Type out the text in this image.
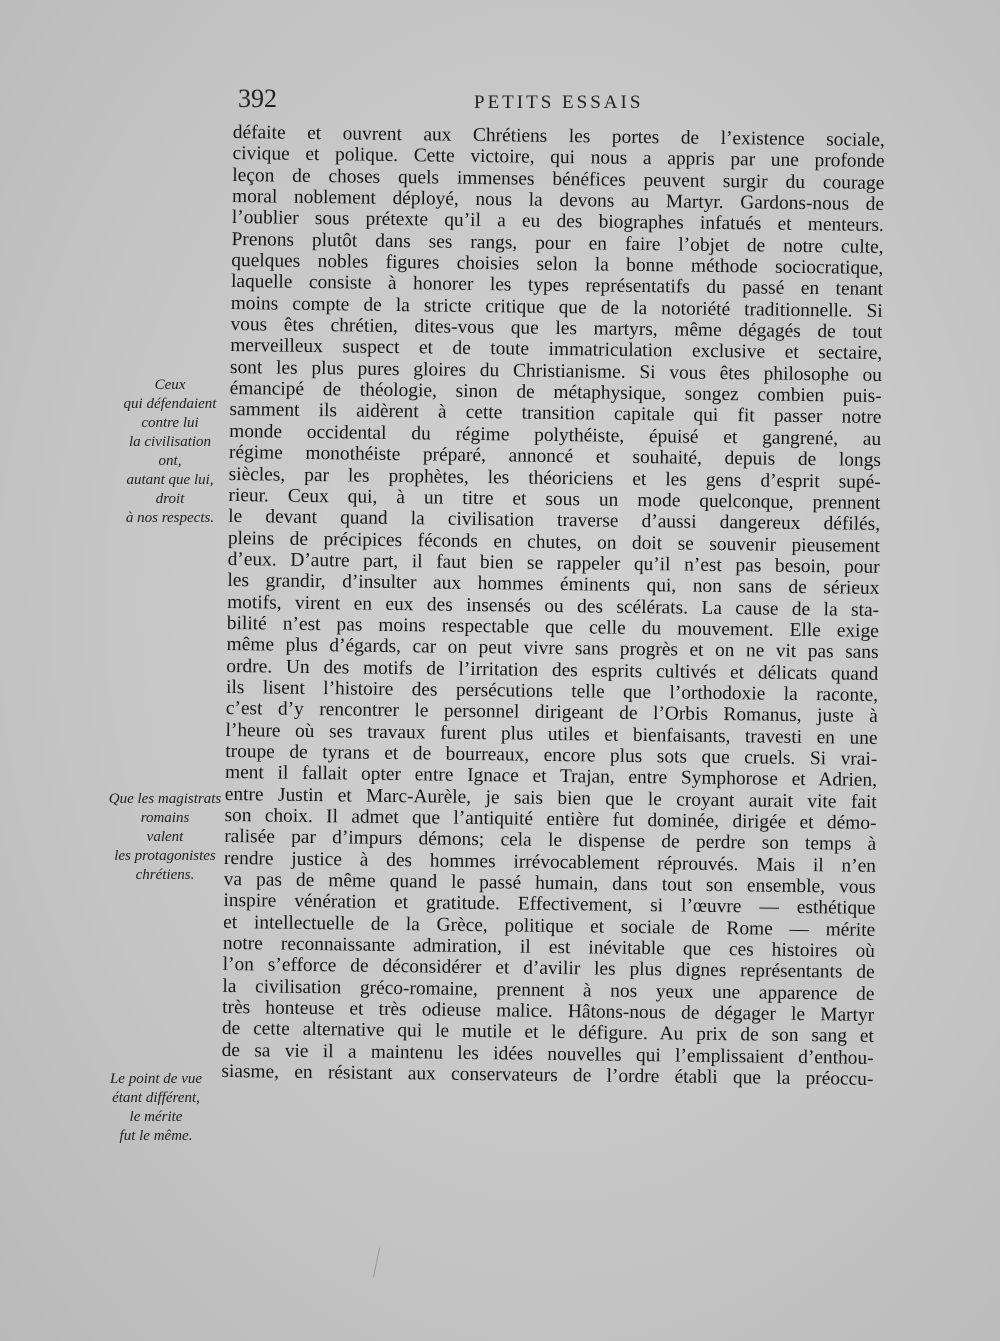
392	PETITS ESSAIS
défaite et ouvrent aux Chrétiens les portes de l’existence sociale,
civique et polique. Cette victoire, qui nous a appris par une profonde
leçon de choses quels immenses bénéfices peuvent surgir du courage
moral noblement déployé, nous la devons au Martyr. Gardons-nous de
l’oublier sous prétexte qu’il a eu des biographes infatués et menteurs.
Prenons plutôt dans ses rangs, pour en faire l’objet de notre culte,
quelques nobles figures choisies selon la bonne méthode sociocratique,
laquelle consiste à honorer les types représentatifs du passé en tenant
moins compte de la stricte critique que de la notoriété traditionnelle. Si
vous êtes chrétien, dites-vous que les martyrs, même dégagés de tout
merveilleux suspect et de toute immatriculation exclusive et sectaire,
sont les plus pures gloires du Christianisme. Si vous êtes philosophe ou
émancipé de théologie, sinon de métaphysique, songez combien puis-
samment ils aidèrent à cette transition capitale qui fit passer notre
monde occidental du régime polythéiste, épuisé et gangrené, au
régime monothéiste préparé, annoncé et souhaité, depuis de longs
siècles, par les prophètes, les théoriciens et les gens d’esprit supé-
rieur. Ceux qui, à un titre et sous un mode quelconque, prennent
le devant quand la civilisation traverse d’aussi dangereux défilés,
pleins de précipices féconds en chutes, on doit se souvenir pieusement
d’eux. D’autre part, il faut bien se rappeler qu’il n’est pas besoin, pour
les grandir, d’insulter aux hommes éminents qui, non sans de sérieux
motifs, virent en eux des insensés ou des scélérats. La cause de la sta-
bilité n’est pas moins respectable que celle du mouvement. Elle exige
même plus d’égards, car on peut vivre sans progrès et on ne vit pas sans
ordre. Un des motifs de l’irritation des esprits cultivés et délicats quand
ils lisent l’histoire des persécutions telle que l’orthodoxie la raconte,
c’est d’y rencontrer le personnel dirigeant de l’Orbis Romanus, juste à
l’heure où ses travaux furent plus utiles et bienfaisants, travesti en une
troupe de tyrans et de bourreaux, encore plus sots que cruels. Si vrai-
ment il fallait opter entre Ignace et Trajan, entre Symphorose et Adrien,
entre Justin et Marc-Aurèle, je sais bien que le croyant aurait vite fait
son choix. Il admet que l’antiquité entière fut dominée, dirigée et démo-
ralisée par d’impurs démons; cela le dispense de perdre son temps à
rendre justice à des hommes irrévocablement réprouvés. Mais il n’en
va pas de même quand le passé humain, dans tout son ensemble, vous
inspire vénération et gratitude. Effectivement, si l’œuvre — esthétique
et intellectuelle de la Grèce, politique et sociale de Rome — mérite
notre reconnaissante admiration, il est inévitable que ces histoires où
l’on s’efforce de déconsidérer et d’avilir les plus dignes représentants de
la civilisation gréco-romaine, prennent à nos yeux une apparence de
très honteuse et très odieuse malice. Hâtons-nous de dégager le Martyr
de cette alternative qui le mutile et le défigure. Au prix de son sang et
de sa vie il a maintenu les idées nouvelles qui l’emplissaient d’enthou-
siasme, en résistant aux conservateurs de l’ordre établi que la préoccu-
Ceux
qui défendaient
contre lui
la civilisation
ont,
autant que lui,
droit
à nos respects.
Que les magistrats
romains
valent
les protagonistes
chrétiens.
Le point de vue
étant différent,
le mérite
fut le même.
